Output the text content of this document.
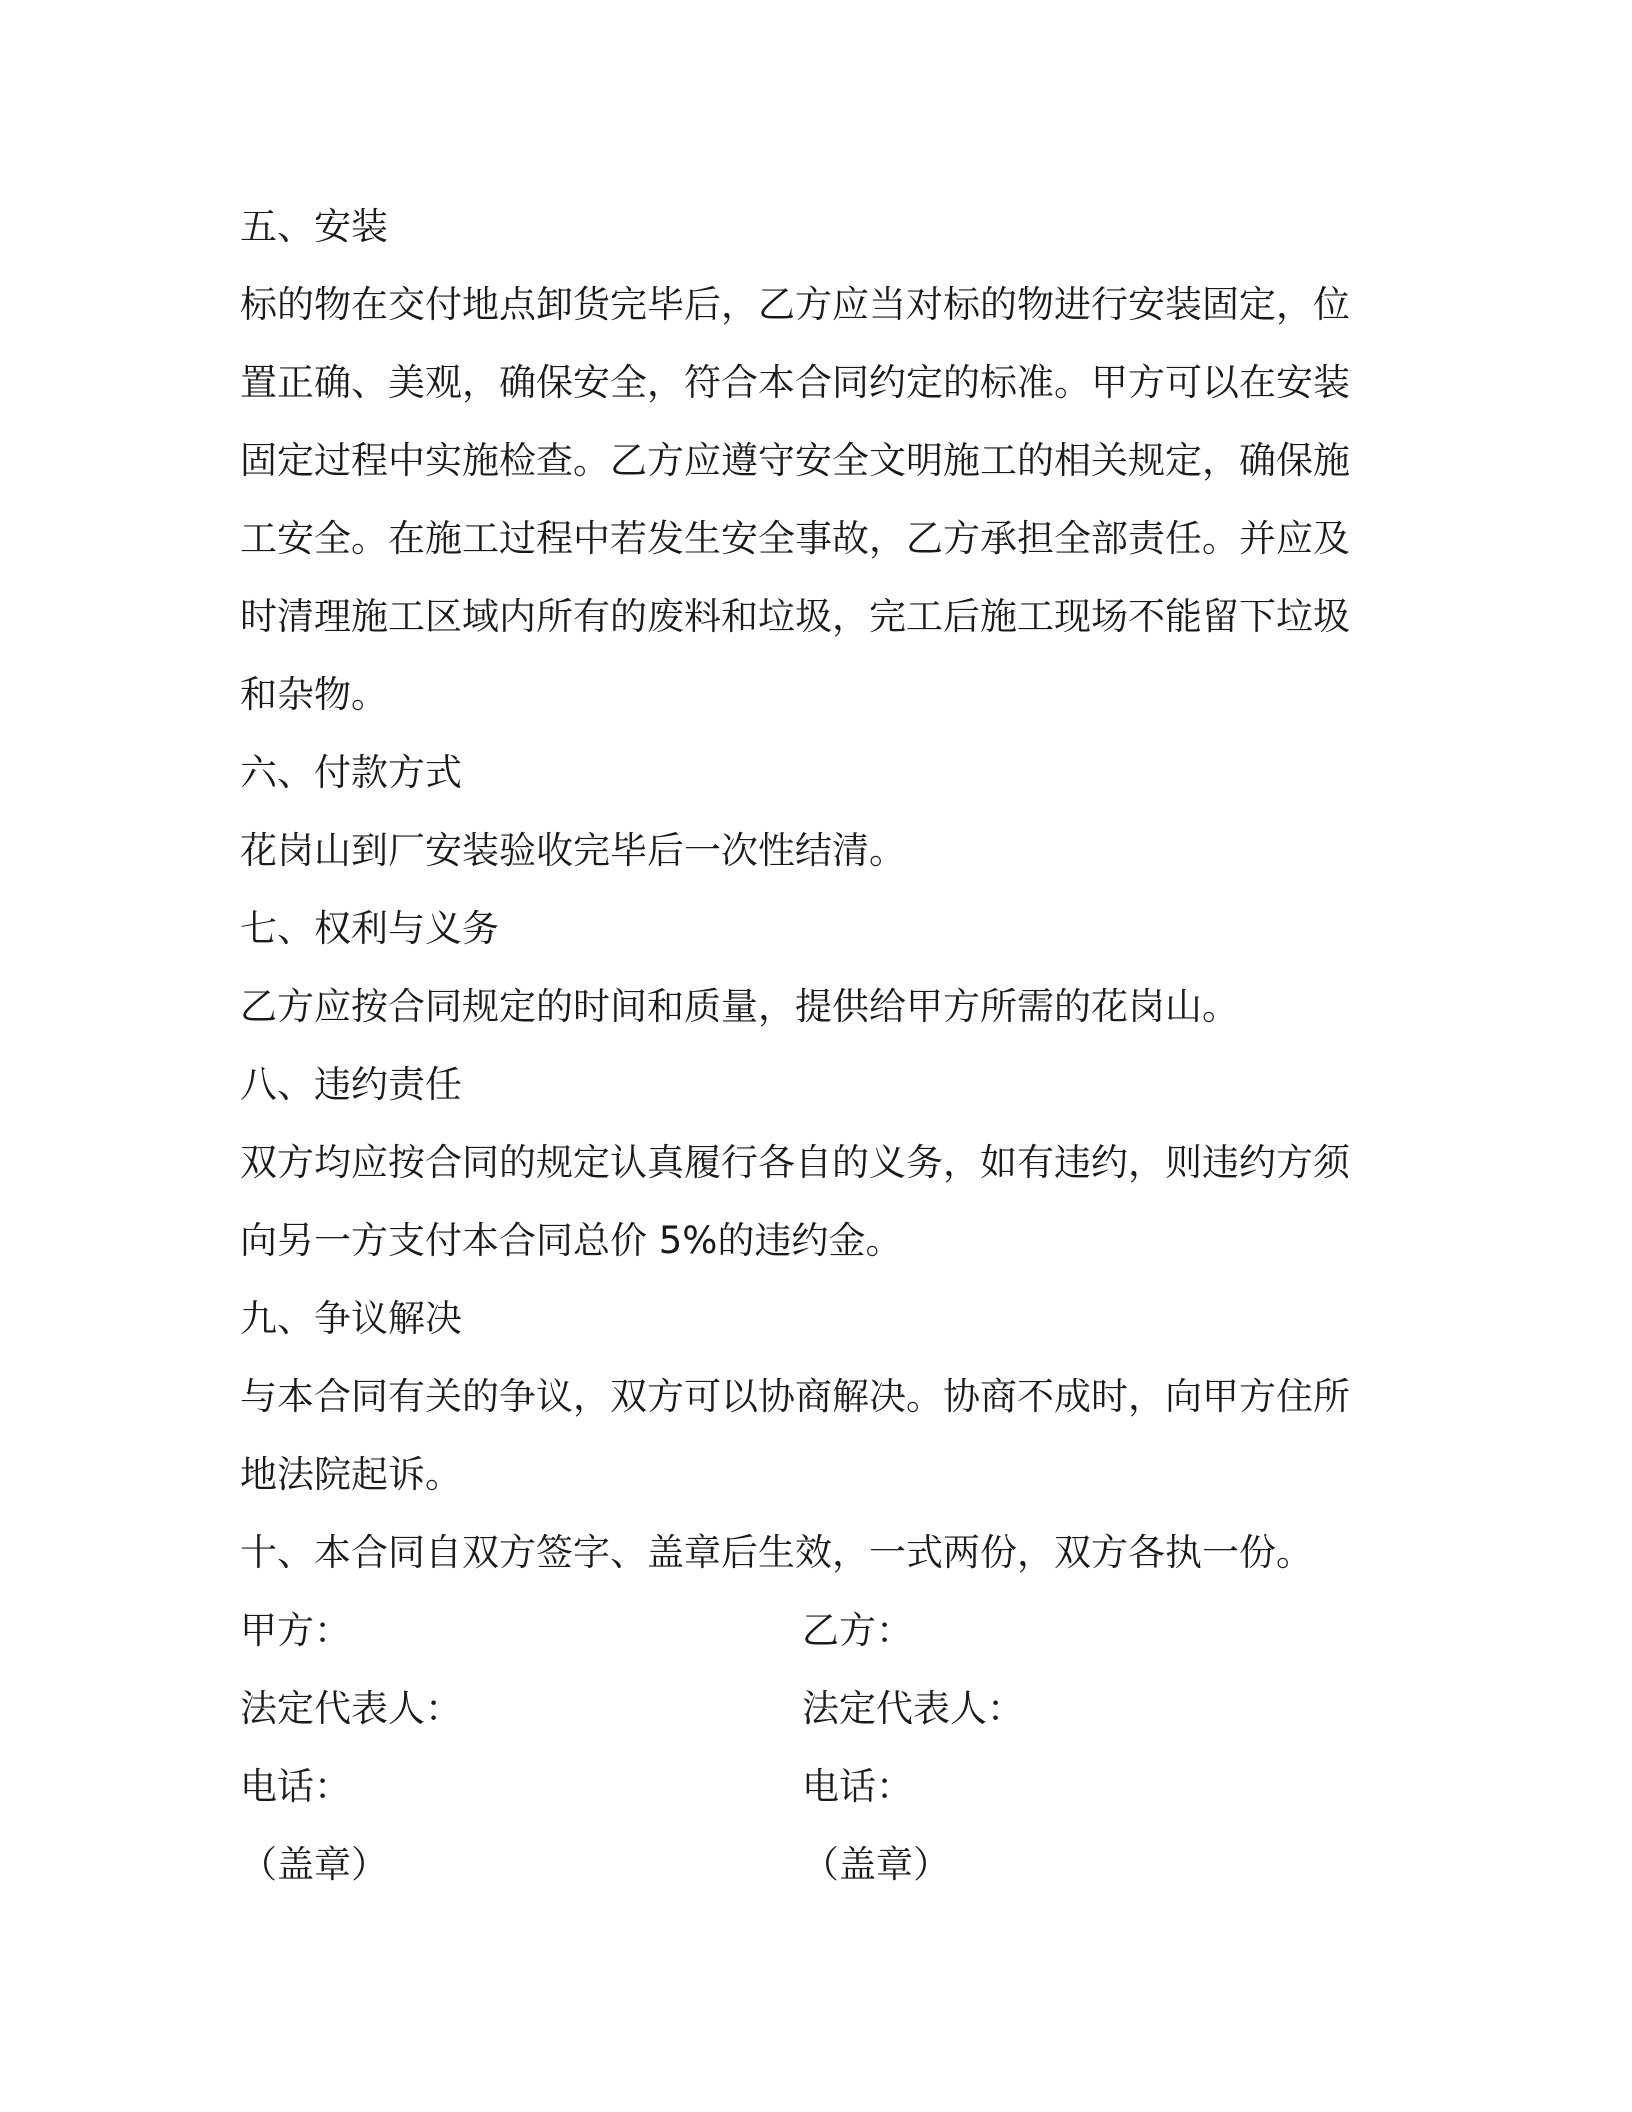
五、安装
标的物在交付地点卸货完毕后，乙方应当对标的物进行安装固定，位
置正确、美观，确保安全，符合本合同约定的标准。甲方可以在安装
固定过程中实施检查。乙方应遵守安全文明施工的相关规定，确保施
工安全。在施工过程中若发生安全事故，乙方承担全部责任。并应及
时清理施工区域内所有的废料和垃圾，完工后施工现场不能留下垃圾
和杂物。
六、付款方式
花岗山到厂安装验收完毕后一次性结清。
七、权利与义务
乙方应按合同规定的时间和质量，提供给甲方所需的花岗山。
八、违约责任
双方均应按合同的规定认真履行各自的义务，如有违约，则违约方须
向另一方支付本合同总价 5%的违约金。
九、争议解决
与本合同有关的争议，双方可以协商解决。协商不成时，向甲方住所
地法院起诉。
十、本合同自双方签字、盖章后生效，一式两份，双方各执一份。
甲方：	乙方：
法定代表人：	法定代表人：
电话：	电话：
（盖章）	（盖章）
